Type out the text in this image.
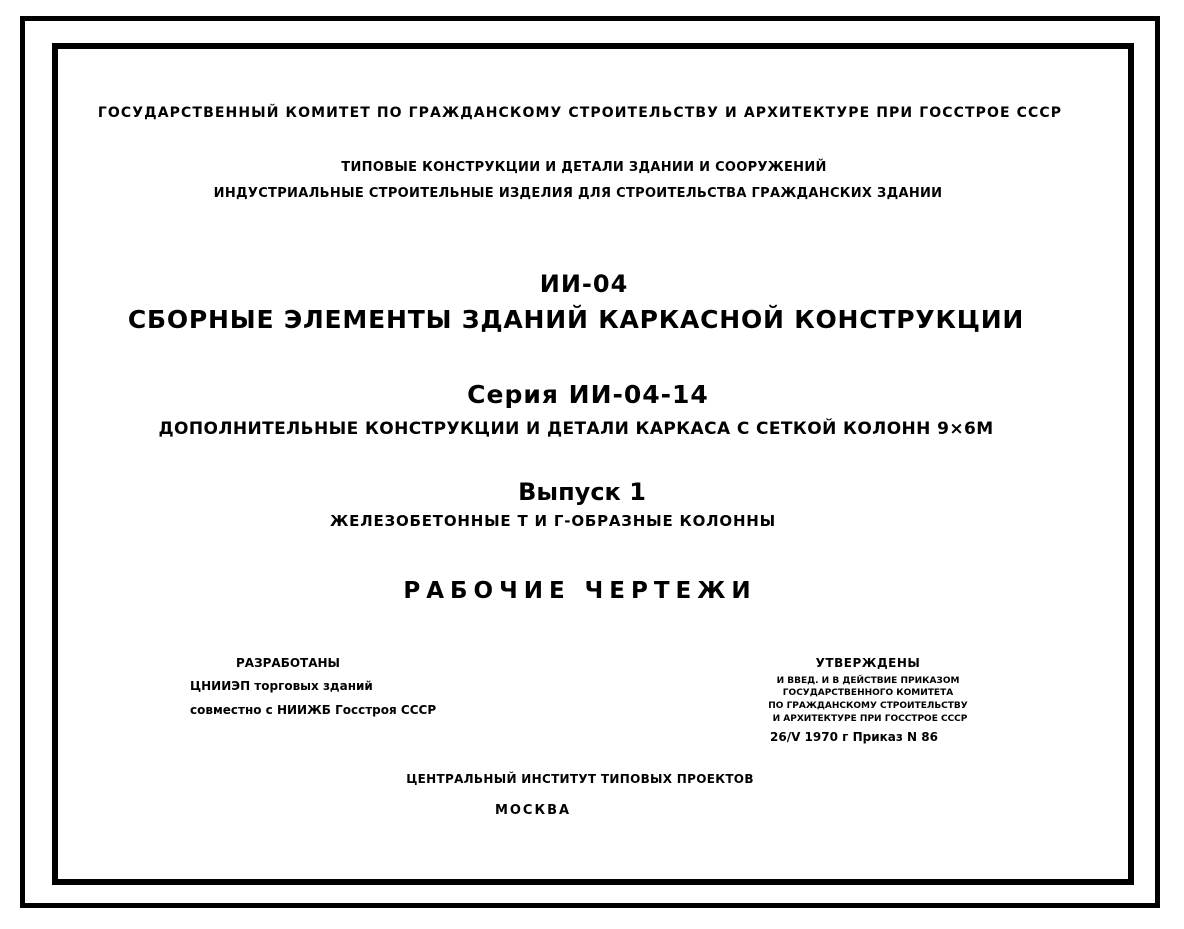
ГОСУДАРСТВЕННЫЙ КОМИТЕТ ПО ГРАЖДАНСКОМУ СТРОИТЕЛЬСТВУ И АРХИТЕКТУРЕ ПРИ ГОССТРОЕ СССР
ТИПОВЫЕ КОНСТРУКЦИИ И ДЕТАЛИ ЗДАНИИ И СООРУЖЕНИЙ
ИНДУСТРИАЛЬНЫЕ СТРОИТЕЛЬНЫЕ ИЗДЕЛИЯ ДЛЯ СТРОИТЕЛЬСТВА ГРАЖДАНСКИХ ЗДАНИИ
ИИ-04
СБОРНЫЕ ЭЛЕМЕНТЫ ЗДАНИЙ КАРКАСНОЙ КОНСТРУКЦИИ
Серия ИИ-04-14
ДОПОЛНИТЕЛЬНЫЕ КОНСТРУКЦИИ И ДЕТАЛИ КАРКАСА С СЕТКОЙ КОЛОНН 9×6М
Выпуск 1
ЖЕЛЕЗОБЕТОННЫЕ Т И Г-ОБРАЗНЫЕ КОЛОННЫ
РАБОЧИЕ ЧЕРТЕЖИ
РАЗРАБОТАНЫ
ЦНИИЭП торговых зданий
совместно с НИИЖБ Госстроя СССР
УТВЕРЖДЕНЫ
И ВВЕД. И В ДЕЙСТВИЕ ПРИКАЗОМ
ГОСУДАРСТВЕННОГО КОМИТЕТА
ПО ГРАЖДАНСКОМУ СТРОИТЕЛЬСТВУ
И АРХИТЕКТУРЕ ПРИ ГОССТРОЕ СССР
26/V 1970 г Приказ N 86
ЦЕНТРАЛЬНЫЙ ИНСТИТУТ ТИПОВЫХ ПРОЕКТОВ
МОСКВА
